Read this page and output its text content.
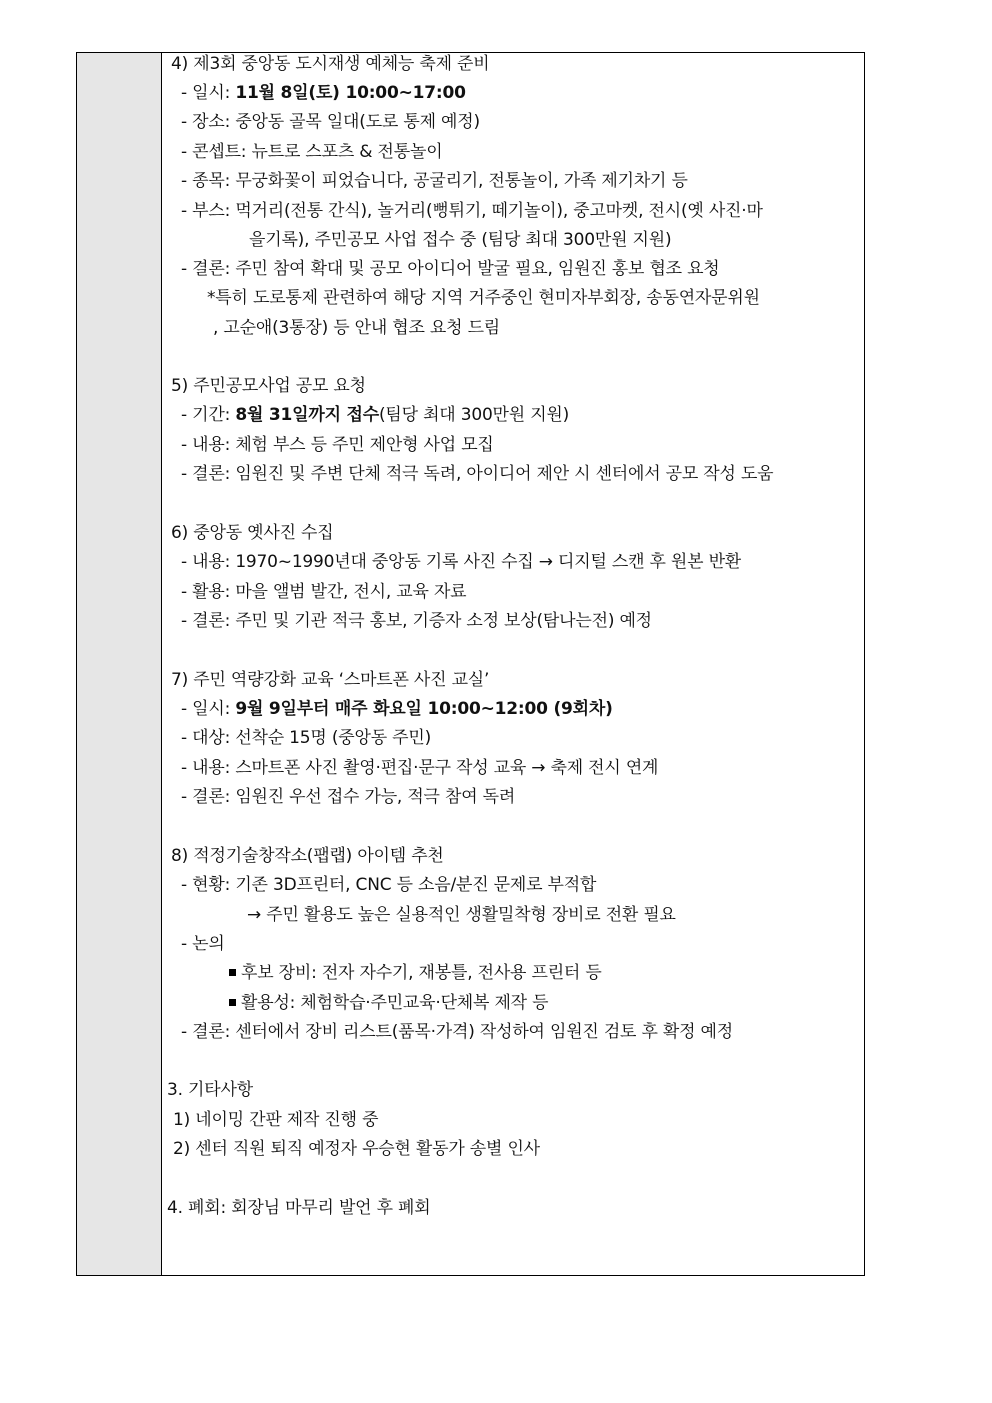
4) 제3회 중앙동 도시재생 예체능 축제 준비
- 일시: 11월 8일(토) 10:00~17:00
- 장소: 중앙동 골목 일대(도로 통제 예정)
- 콘셉트: 뉴트로 스포츠 & 전통놀이
- 종목: 무궁화꽃이 피었습니다, 공굴리기, 전통놀이, 가족 제기차기 등
- 부스: 먹거리(전통 간식), 놀거리(뻥튀기, 떼기놀이), 중고마켓, 전시(옛 사진·마
을기록), 주민공모 사업 접수 중 (팀당 최대 300만원 지원)
- 결론: 주민 참여 확대 및 공모 아이디어 발굴 필요, 임원진 홍보 협조 요청
*특히 도로통제 관련하여 해당 지역 거주중인 현미자부회장, 송동연자문위원
, 고순애(3통장) 등 안내 협조 요청 드림
5) 주민공모사업 공모 요청
- 기간: 8월 31일까지 접수(팀당 최대 300만원 지원)
- 내용: 체험 부스 등 주민 제안형 사업 모집
- 결론: 임원진 및 주변 단체 적극 독려, 아이디어 제안 시 센터에서 공모 작성 도움
6) 중앙동 옛사진 수집
- 내용: 1970~1990년대 중앙동 기록 사진 수집 → 디지털 스캔 후 원본 반환
- 활용: 마을 앨범 발간, 전시, 교육 자료
- 결론: 주민 및 기관 적극 홍보, 기증자 소정 보상(탐나는전) 예정
7) 주민 역량강화 교육 ‘스마트폰 사진 교실’
- 일시: 9월 9일부터 매주 화요일 10:00~12:00 (9회차)
- 대상: 선착순 15명 (중앙동 주민)
- 내용: 스마트폰 사진 촬영·편집·문구 작성 교육 → 축제 전시 연계
- 결론: 임원진 우선 접수 가능, 적극 참여 독려
8) 적정기술창작소(팹랩) 아이템 추천
- 현황: 기존 3D프린터, CNC 등 소음/분진 문제로 부적합
→ 주민 활용도 높은 실용적인 생활밀착형 장비로 전환 필요
- 논의
후보 장비: 전자 자수기, 재봉틀, 전사용 프린터 등
활용성: 체험학습·주민교육·단체복 제작 등
- 결론: 센터에서 장비 리스트(품목·가격) 작성하여 임원진 검토 후 확정 예정
3. 기타사항
1) 네이밍 간판 제작 진행 중
2) 센터 직원 퇴직 예정자 우승현 활동가 송별 인사
4. 폐회: 회장님 마무리 발언 후 폐회
